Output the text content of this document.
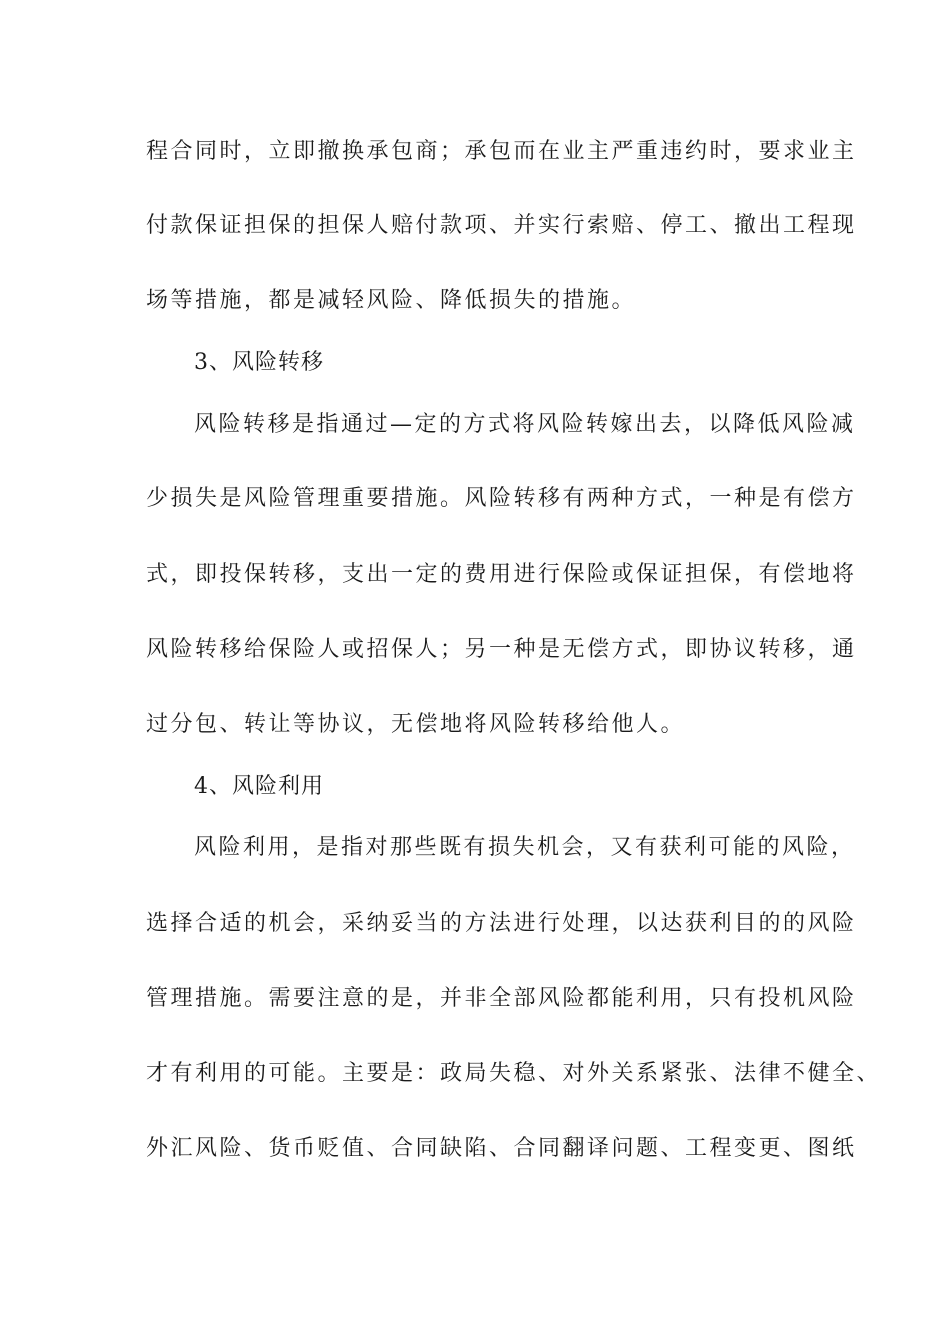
程合同时，立即撤换承包商；承包而在业主严重违约时，要求业主
付款保证担保的担保人赔付款项、并实行索赔、停工、撤出工程现
场等措施，都是减轻风险、降低损失的措施。
3、风险转移
风险转移是指通过—定的方式将风险转嫁出去，以降低风险减
少损失是风险管理重要措施。风险转移有两种方式，一种是有偿方
式，即投保转移，支出一定的费用进行保险或保证担保，有偿地将
风险转移给保险人或招保人；另一种是无偿方式，即协议转移，通
过分包、转让等协议，无偿地将风险转移给他人。
4、风险利用
风险利用，是指对那些既有损失机会，又有获利可能的风险，
选择合适的机会，采纳妥当的方法进行处理，以达获利目的的风险
管理措施。需要注意的是，并非全部风险都能利用，只有投机风险
才有利用的可能。主要是：政局失稳、对外关系紧张、法律不健全、
外汇风险、货币贬值、合同缺陷、合同翻译问题、工程变更、图纸
